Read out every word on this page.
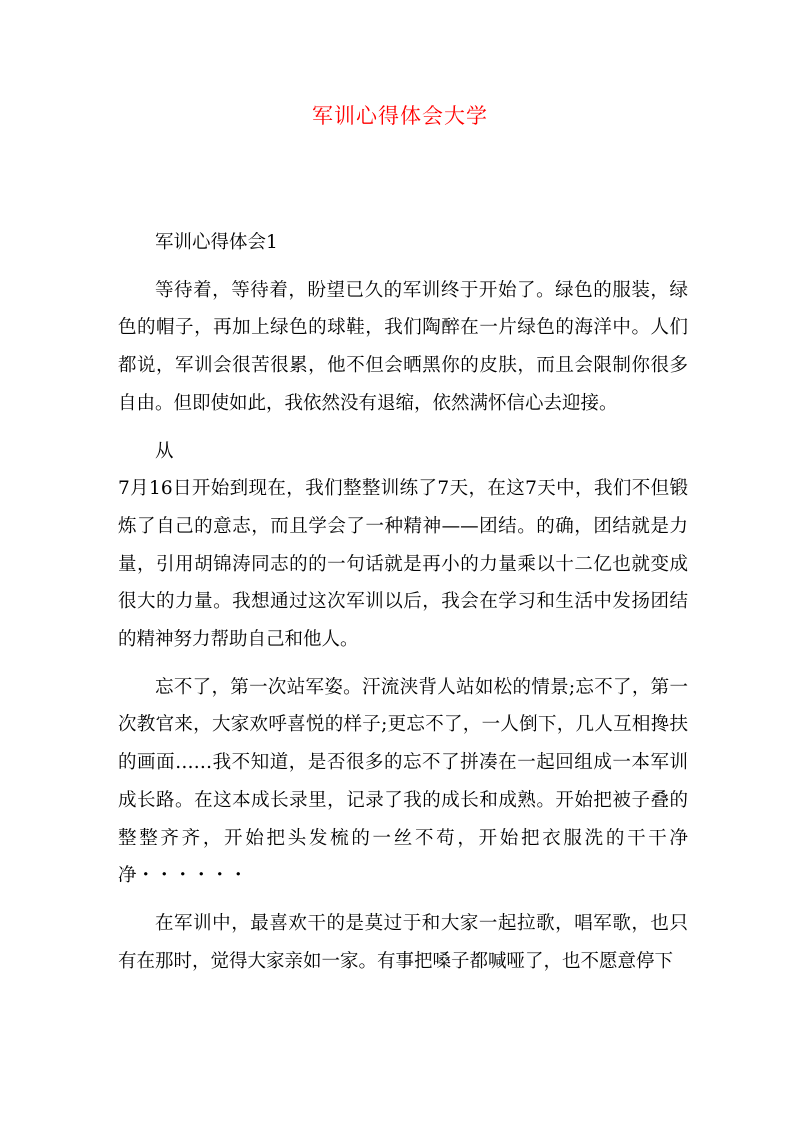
军训心得体会大学

军训心得体会1

等待着，等待着，盼望已久的军训终于开始了。绿色的服装，绿色的帽子，再加上绿色的球鞋，我们陶醉在一片绿色的海洋中。人们都说，军训会很苦很累，他不但会晒黑你的皮肤，而且会限制你很多自由。但即使如此，我依然没有退缩，依然满怀信心去迎接。

从

7月16日开始到现在，我们整整训练了7天，在这7天中，我们不但锻炼了自己的意志，而且学会了一种精神——团结。的确，团结就是力量，引用胡锦涛同志的的一句话就是再小的力量乘以十二亿也就变成很大的力量。我想通过这次军训以后，我会在学习和生活中发扬团结的精神努力帮助自己和他人。

忘不了，第一次站军姿。汗流浃背人站如松的情景;忘不了，第一次教官来，大家欢呼喜悦的样子;更忘不了，一人倒下，几人互相搀扶的画面……我不知道，是否很多的忘不了拼凑在一起回组成一本军训成长路。在这本成长录里，记录了我的成长和成熟。开始把被子叠的整整齐齐，开始把头发梳的一丝不苟，开始把衣服洗的干干净净・・・・・・

在军训中，最喜欢干的是莫过于和大家一起拉歌，唱军歌，也只有在那时，觉得大家亲如一家。有事把嗓子都喊哑了，也不愿意停下
